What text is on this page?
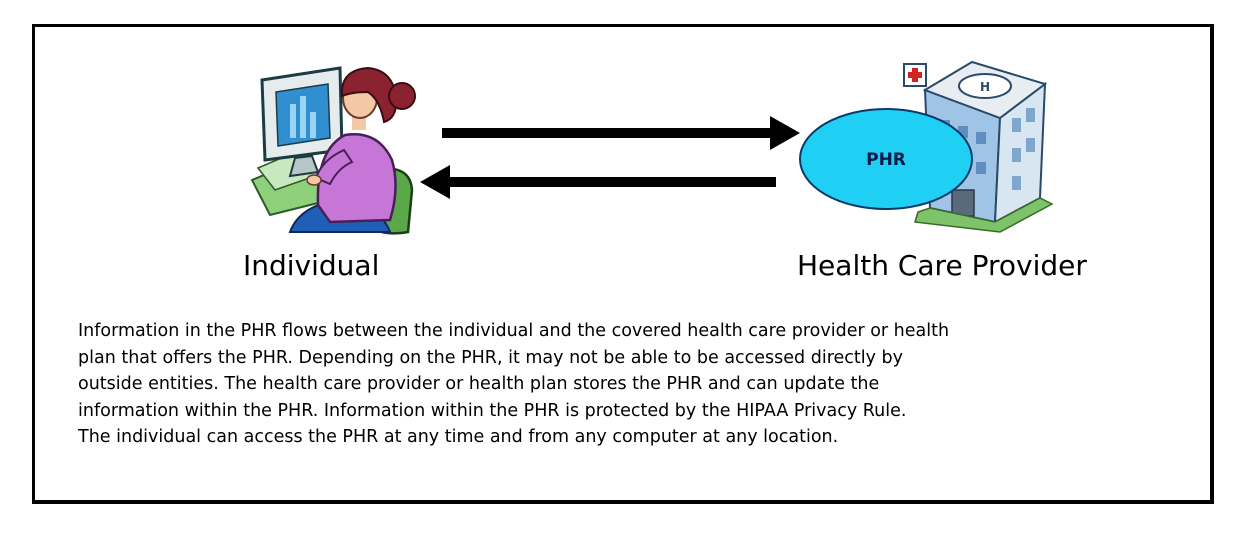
H
PHR
Individual	Health Care Provider
Information in the PHR flows between the individual and the covered health care provider or health
plan that offers the PHR. Depending on the PHR, it may not be able to be accessed directly by
outside entities. The health care provider or health plan stores the PHR and can update the
information within the PHR. Information within the PHR is protected by the HIPAA Privacy Rule.
The individual can access the PHR at any time and from any computer at any location.
